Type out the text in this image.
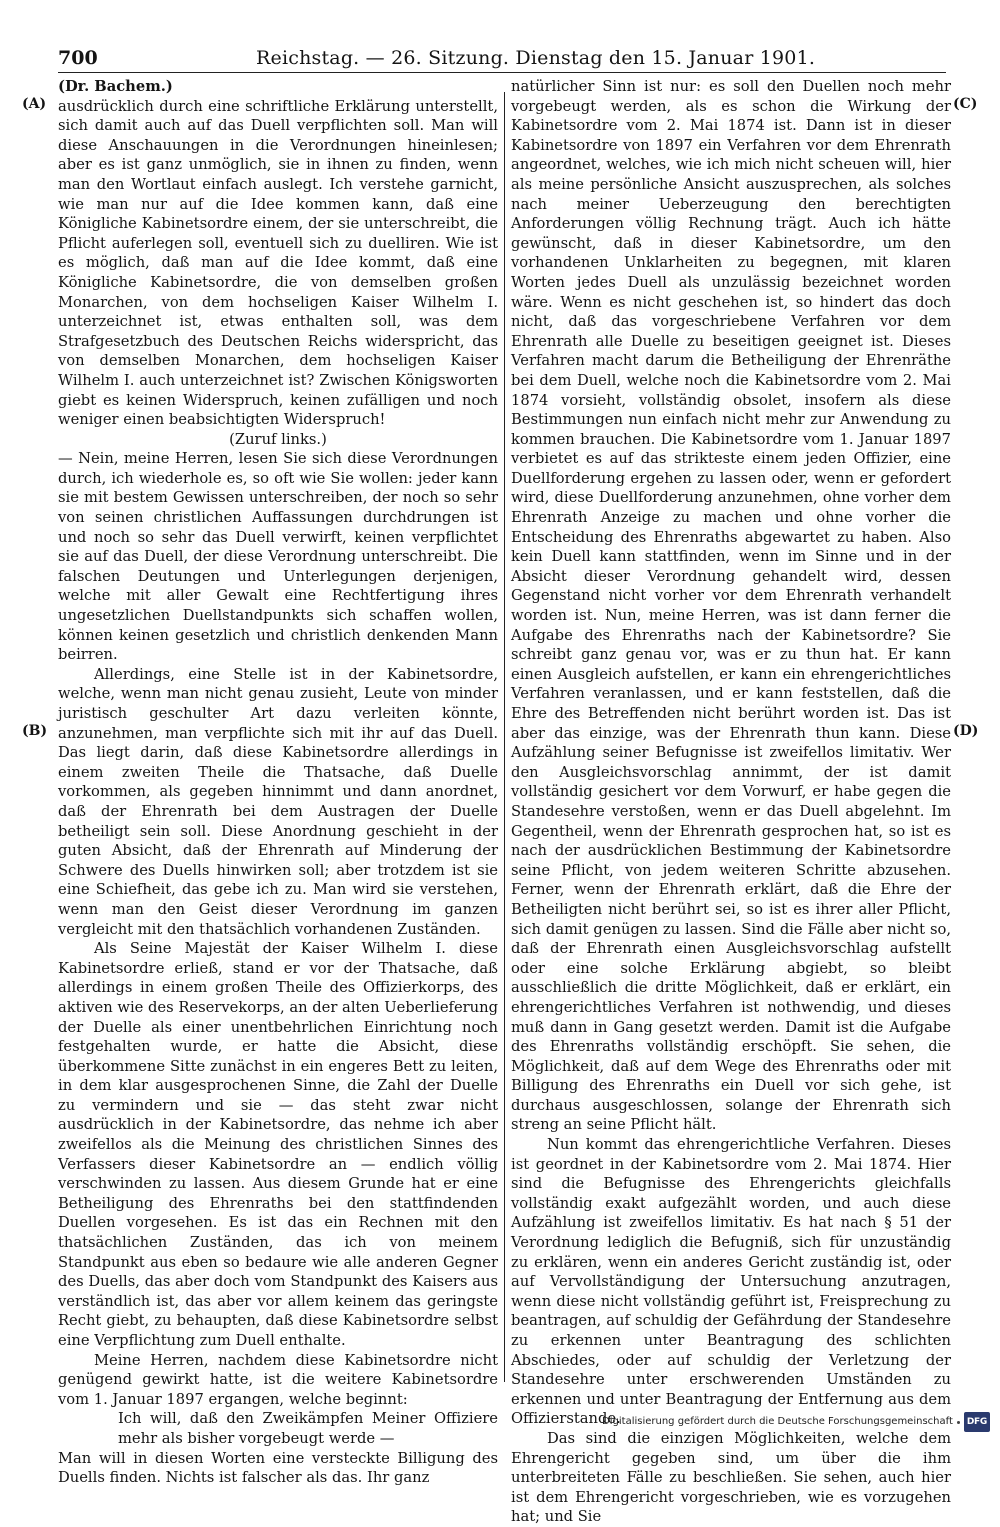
700	Reichstag. — 26. Sitzung. Dienstag den 15. Januar 1901.
(A)
(B)
(C)
(D)

(Dr. Bachem.)

ausdrücklich durch eine schriftliche Erklärung unterstellt, sich damit auch auf das Duell verpflichten soll. Man will diese Anschauungen in die Verordnungen hineinlesen; aber es ist ganz unmöglich, sie in ihnen zu finden, wenn man den Wortlaut einfach auslegt. Ich verstehe garnicht, wie man nur auf die Idee kommen kann, daß eine Königliche Kabinetsordre einem, der sie unterschreibt, die Pflicht auferlegen soll, eventuell sich zu duelliren. Wie ist es möglich, daß man auf die Idee kommt, daß eine Königliche Kabinetsordre, die von demselben großen Monarchen, von dem hochseligen Kaiser Wilhelm I. unterzeichnet ist, etwas enthalten soll, was dem Strafgesetzbuch des Deutschen Reichs widerspricht, das von demselben Monarchen, dem hochseligen Kaiser Wilhelm I. auch unterzeichnet ist? Zwischen Königsworten giebt es keinen Widerspruch, keinen zufälligen und noch weniger einen beabsichtigten Widerspruch!

(Zuruf links.)

— Nein, meine Herren, lesen Sie sich diese Verordnungen durch, ich wiederhole es, so oft wie Sie wollen: jeder kann sie mit bestem Gewissen unterschreiben, der noch so sehr von seinen christlichen Auffassungen durchdrungen ist und noch so sehr das Duell verwirft, keinen verpflichtet sie auf das Duell, der diese Verordnung unterschreibt. Die falschen Deutungen und Unterlegungen derjenigen, welche mit aller Gewalt eine Rechtfertigung ihres ungesetzlichen Duellstandpunkts sich schaffen wollen, können keinen gesetzlich und christlich denkenden Mann beirren.

Allerdings, eine Stelle ist in der Kabinetsordre, welche, wenn man nicht genau zusieht, Leute von minder juristisch geschulter Art dazu verleiten könnte, anzunehmen, man verpflichte sich mit ihr auf das Duell. Das liegt darin, daß diese Kabinetsordre allerdings in einem zweiten Theile die Thatsache, daß Duelle vorkommen, als gegeben hinnimmt und dann anordnet, daß der Ehrenrath bei dem Austragen der Duelle betheiligt sein soll. Diese Anordnung geschieht in der guten Absicht, daß der Ehrenrath auf Minderung der Schwere des Duells hinwirken soll; aber trotzdem ist sie eine Schiefheit, das gebe ich zu. Man wird sie verstehen, wenn man den Geist dieser Verordnung im ganzen vergleicht mit den thatsächlich vorhandenen Zuständen.

Als Seine Majestät der Kaiser Wilhelm I. diese Kabinetsordre erließ, stand er vor der Thatsache, daß allerdings in einem großen Theile des Offizierkorps, des aktiven wie des Reservekorps, an der alten Ueberlieferung der Duelle als einer unentbehrlichen Einrichtung noch festgehalten wurde, er hatte die Absicht, diese überkommene Sitte zunächst in ein engeres Bett zu leiten, in dem klar ausgesprochenen Sinne, die Zahl der Duelle zu vermindern und sie — das steht zwar nicht ausdrücklich in der Kabinetsordre, das nehme ich aber zweifellos als die Meinung des christlichen Sinnes des Verfassers dieser Kabinetsordre an — endlich völlig verschwinden zu lassen. Aus diesem Grunde hat er eine Betheiligung des Ehrenraths bei den stattfindenden Duellen vorgesehen. Es ist das ein Rechnen mit den thatsächlichen Zuständen, das ich von meinem Standpunkt aus eben so bedaure wie alle anderen Gegner des Duells, das aber doch vom Standpunkt des Kaisers aus verständlich ist, das aber vor allem keinem das geringste Recht giebt, zu behaupten, daß diese Kabinetsordre selbst eine Verpflichtung zum Duell enthalte.

Meine Herren, nachdem diese Kabinetsordre nicht genügend gewirkt hatte, ist die weitere Kabinetsordre vom 1. Januar 1897 ergangen, welche beginnt:

Ich will, daß den Zweikämpfen Meiner Offiziere mehr als bisher vorgebeugt werde —

Man will in diesen Worten eine versteckte Billigung des Duells finden. Nichts ist falscher als das. Ihr ganz

natürlicher Sinn ist nur: es soll den Duellen noch mehr vorgebeugt werden, als es schon die Wirkung der Kabinetsordre vom 2. Mai 1874 ist. Dann ist in dieser Kabinetsordre von 1897 ein Verfahren vor dem Ehrenrath angeordnet, welches, wie ich mich nicht scheuen will, hier als meine persönliche Ansicht auszusprechen, als solches nach meiner Ueberzeugung den berechtigten Anforderungen völlig Rechnung trägt. Auch ich hätte gewünscht, daß in dieser Kabinetsordre, um den vorhandenen Unklarheiten zu begegnen, mit klaren Worten jedes Duell als unzulässig bezeichnet worden wäre. Wenn es nicht geschehen ist, so hindert das doch nicht, daß das vorgeschriebene Verfahren vor dem Ehrenrath alle Duelle zu beseitigen geeignet ist. Dieses Verfahren macht darum die Betheiligung der Ehrenräthe bei dem Duell, welche noch die Kabinetsordre vom 2. Mai 1874 vorsieht, vollständig obsolet, insofern als diese Bestimmungen nun einfach nicht mehr zur Anwendung zu kommen brauchen. Die Kabinetsordre vom 1. Januar 1897 verbietet es auf das strikteste einem jeden Offizier, eine Duellforderung ergehen zu lassen oder, wenn er gefordert wird, diese Duellforderung anzunehmen, ohne vorher dem Ehrenrath Anzeige zu machen und ohne vorher die Entscheidung des Ehrenraths abgewartet zu haben. Also kein Duell kann stattfinden, wenn im Sinne und in der Absicht dieser Verordnung gehandelt wird, dessen Gegenstand nicht vorher vor dem Ehrenrath verhandelt worden ist. Nun, meine Herren, was ist dann ferner die Aufgabe des Ehrenraths nach der Kabinetsordre? Sie schreibt ganz genau vor, was er zu thun hat. Er kann einen Ausgleich aufstellen, er kann ein ehrengerichtliches Verfahren veranlassen, und er kann feststellen, daß die Ehre des Betreffenden nicht berührt worden ist. Das ist aber das einzige, was der Ehrenrath thun kann. Diese Aufzählung seiner Befugnisse ist zweifellos limitativ. Wer den Ausgleichsvorschlag annimmt, der ist damit vollständig gesichert vor dem Vorwurf, er habe gegen die Standesehre verstoßen, wenn er das Duell abgelehnt. Im Gegentheil, wenn der Ehrenrath gesprochen hat, so ist es nach der ausdrücklichen Bestimmung der Kabinetsordre seine Pflicht, von jedem weiteren Schritte abzusehen. Ferner, wenn der Ehrenrath erklärt, daß die Ehre der Betheiligten nicht berührt sei, so ist es ihrer aller Pflicht, sich damit genügen zu lassen. Sind die Fälle aber nicht so, daß der Ehrenrath einen Ausgleichsvorschlag aufstellt oder eine solche Erklärung abgiebt, so bleibt ausschließlich die dritte Möglichkeit, daß er erklärt, ein ehrengerichtliches Verfahren ist nothwendig, und dieses muß dann in Gang gesetzt werden. Damit ist die Aufgabe des Ehrenraths vollständig erschöpft. Sie sehen, die Möglichkeit, daß auf dem Wege des Ehrenraths oder mit Billigung des Ehrenraths ein Duell vor sich gehe, ist durchaus ausgeschlossen, solange der Ehrenrath sich streng an seine Pflicht hält.

Nun kommt das ehrengerichtliche Verfahren. Dieses ist geordnet in der Kabinetsordre vom 2. Mai 1874. Hier sind die Befugnisse des Ehrengerichts gleichfalls vollständig exakt aufgezählt worden, und auch diese Aufzählung ist zweifellos limitativ. Es hat nach § 51 der Verordnung lediglich die Befugniß, sich für unzuständig zu erklären, wenn ein anderes Gericht zuständig ist, oder auf Vervollständigung der Untersuchung anzutragen, wenn diese nicht vollständig geführt ist, Freisprechung zu beantragen, auf schuldig der Gefährdung der Standesehre zu erkennen unter Beantragung des schlichten Abschiedes, oder auf schuldig der Verletzung der Standesehre unter erschwerenden Umständen zu erkennen und unter Beantragung der Entfernung aus dem Offizierstande.

Das sind die einzigen Möglichkeiten, welche dem Ehrengericht gegeben sind, um über die ihm unterbreiteten Fälle zu beschließen. Sie sehen, auch hier ist dem Ehrengericht vorgeschrieben, wie es vorzugehen hat; und Sie

Digitalisierung gefördert durch die Deutsche Forschungsgemeinschaft	DFG
